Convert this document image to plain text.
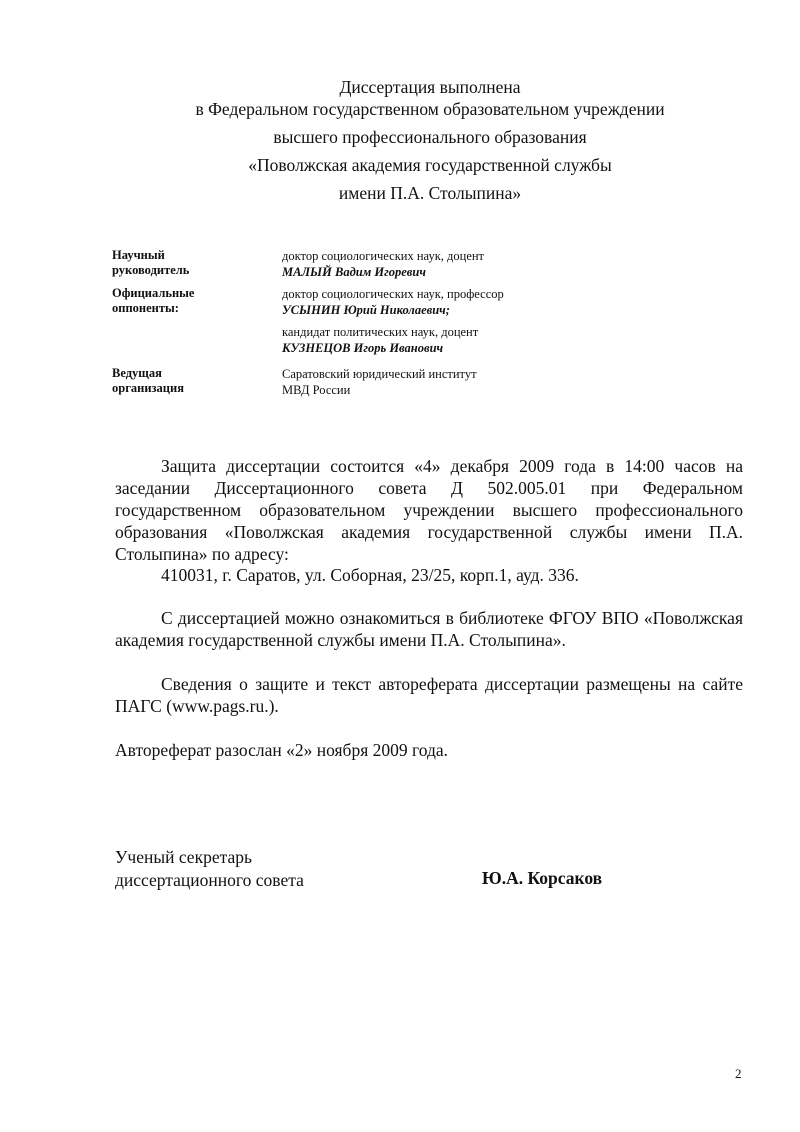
Диссертация выполнена
в Федеральном государственном образовательном учреждении
высшего профессионального образования
«Поволжская академия государственной службы
имени П.А. Столыпина»
Научный руководитель
доктор социологических наук, доцент
МАЛЫЙ Вадим Игоревич
Официальные оппоненты:
доктор социологических наук, профессор
УСЫНИН Юрий Николаевич;
кандидат политических наук, доцент
КУЗНЕЦОВ Игорь Иванович
Ведущая организация
Саратовский юридический институт
МВД России
Защита диссертации состоится «4» декабря 2009 года в 14:00 часов на заседании Диссертационного совета Д 502.005.01 при Федеральном государственном образовательном учреждении высшего профессионального образования «Поволжская академия государственной службы имени П.А. Столыпина» по адресу:
410031, г. Саратов, ул. Соборная, 23/25, корп.1, ауд. 336.
С диссертацией можно ознакомиться в библиотеке ФГОУ ВПО «Поволжская академия государственной службы имени П.А. Столыпина».
Сведения о защите и текст автореферата диссертации размещены на сайте ПАГС (www.pags.ru.).
Автореферат разослан «2» ноября 2009 года.
Ученый секретарь
диссертационного совета	Ю.А. Корсаков
2
